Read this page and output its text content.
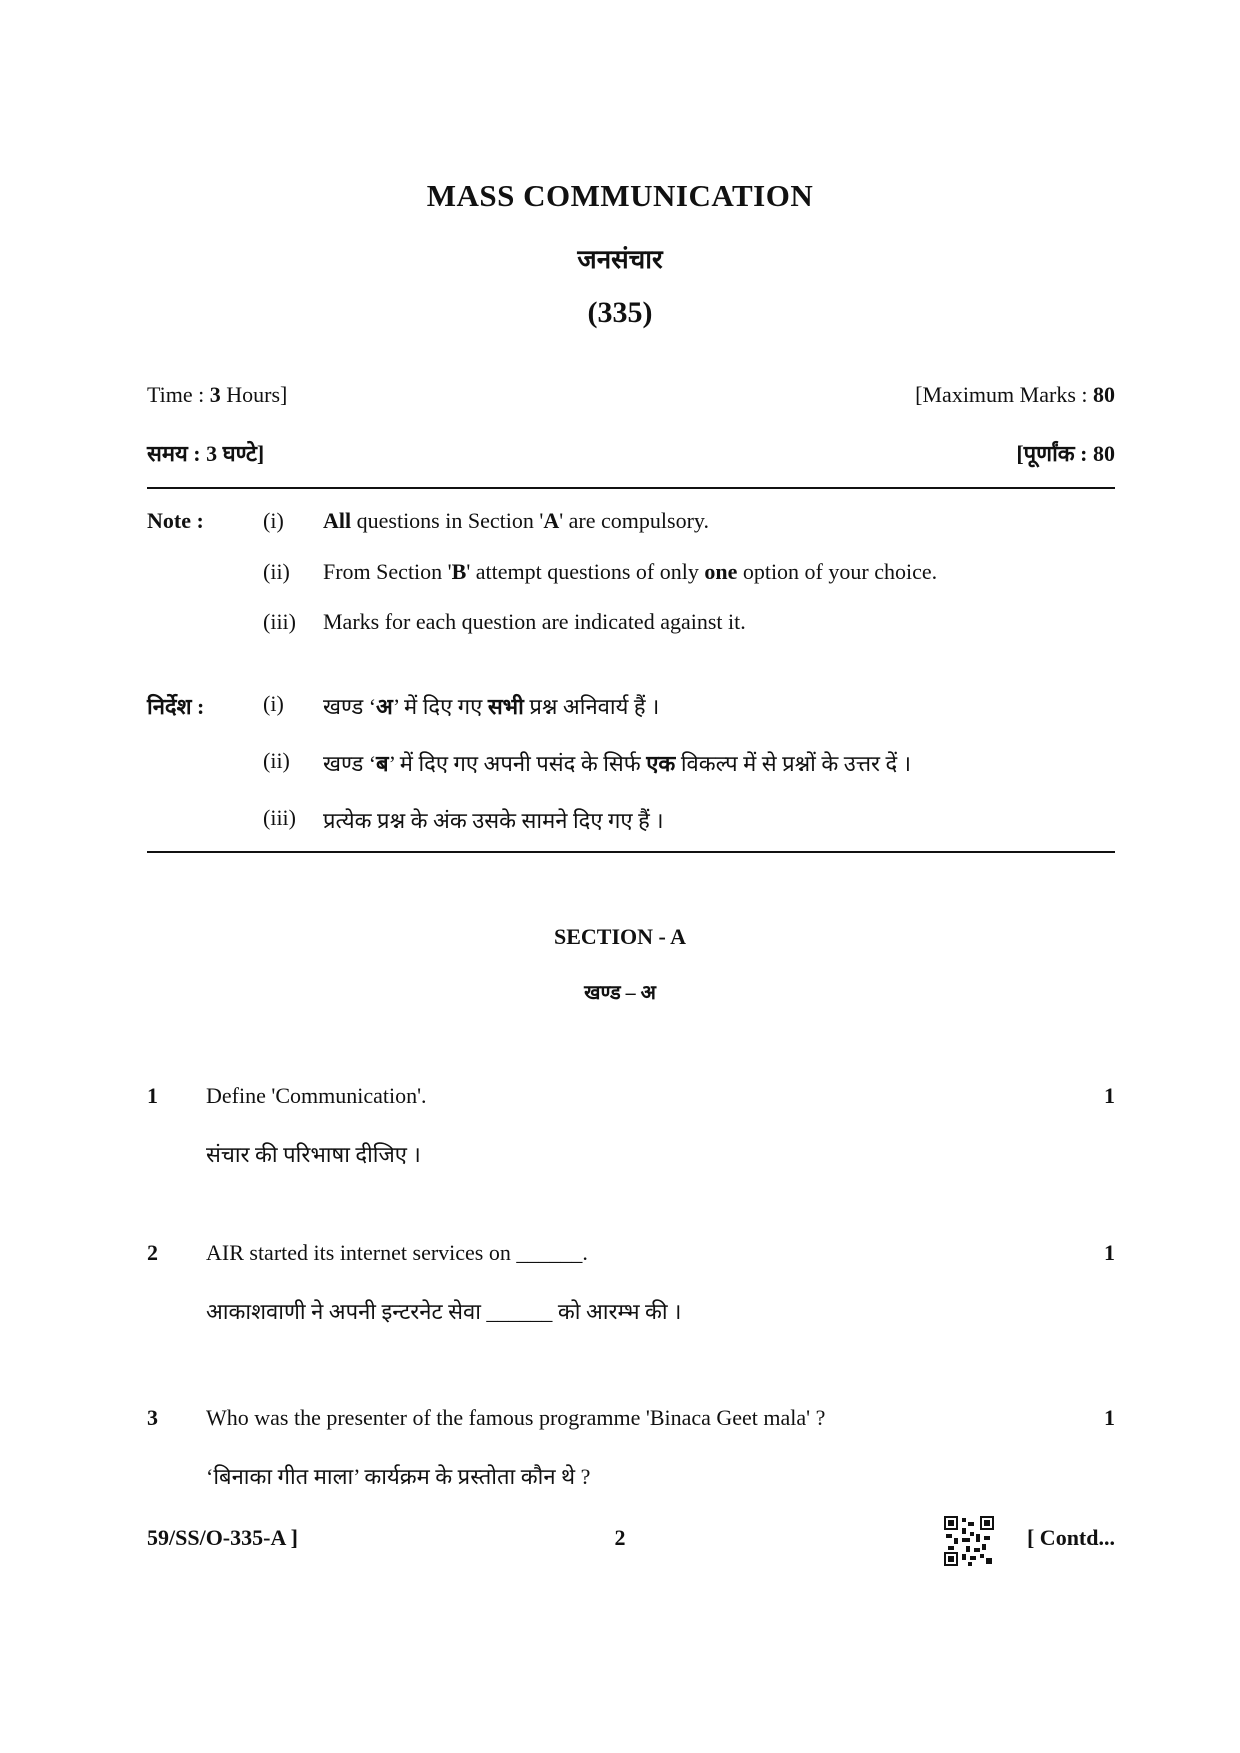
MASS COMMUNICATION
जनसंचार
(335)
Time : 3 Hours]	[Maximum Marks : 80
समय : 3 घण्टे]	[पूर्णांक : 80
Note :	(i) All questions in Section 'A' are compulsory.
(ii) From Section 'B' attempt questions of only one option of your choice.
(iii) Marks for each question are indicated against it.
निर्देश :	(i) खण्ड ‘अ’ में दिए गए सभी प्रश्न अनिवार्य हैं ।
(ii) खण्ड ‘ब’ में दिए गए अपनी पसंद के सिर्फ एक विकल्प में से प्रश्नों के उत्तर दें ।
(iii) प्रत्येक प्रश्न के अंक उसके सामने दिए गए हैं ।
SECTION - A
खण्ड – अ
1 Define 'Communication'.	1
संचार की परिभाषा दीजिए ।
2 AIR started its internet services on ______.	1
आकाशवाणी ने अपनी इन्टरनेट सेवा ______ को आरम्भ की ।
3 Who was the presenter of the famous programme 'Binaca Geet mala' ?	1
‘बिनाका गीत माला’ कार्यक्रम के प्रस्तोता कौन थे ?
59/SS/O-335-A ]	2	[ Contd...
